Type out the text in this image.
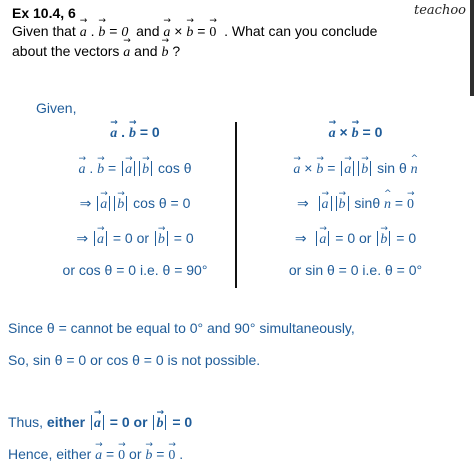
Ex 10.4, 6
Given that
→
a .
→
b = 0 and
→
a ×
→
b =
→
0 . What can you conclude
about the vectors
→
a and
→
b ?
teachoo
Given,
→
a .
→
b = 0
→
a .
→
b =
→
a
→
b cos θ
⇒
→
a
→
b cos θ = 0
⇒
→
a = 0 or
→
b = 0
or cos θ = 0 i.e. θ = 90°
→
a ×
→
b = 0
→
a ×
→
b =
→
a
→
b sin θ
^
n
⇒
→
a
→
b sinθ
^
n =
→
0
⇒
→
a = 0 or
→
b = 0
or sin θ = 0 i.e. θ = 0°
Since θ = cannot be equal to 0° and 90° simultaneously,
So, sin θ = 0 or cos θ = 0 is not possible.
Thus, either
→
a = 0 or
→
b = 0
Hence, either
→
a =
→
0 or
→
b =
→
0 .
